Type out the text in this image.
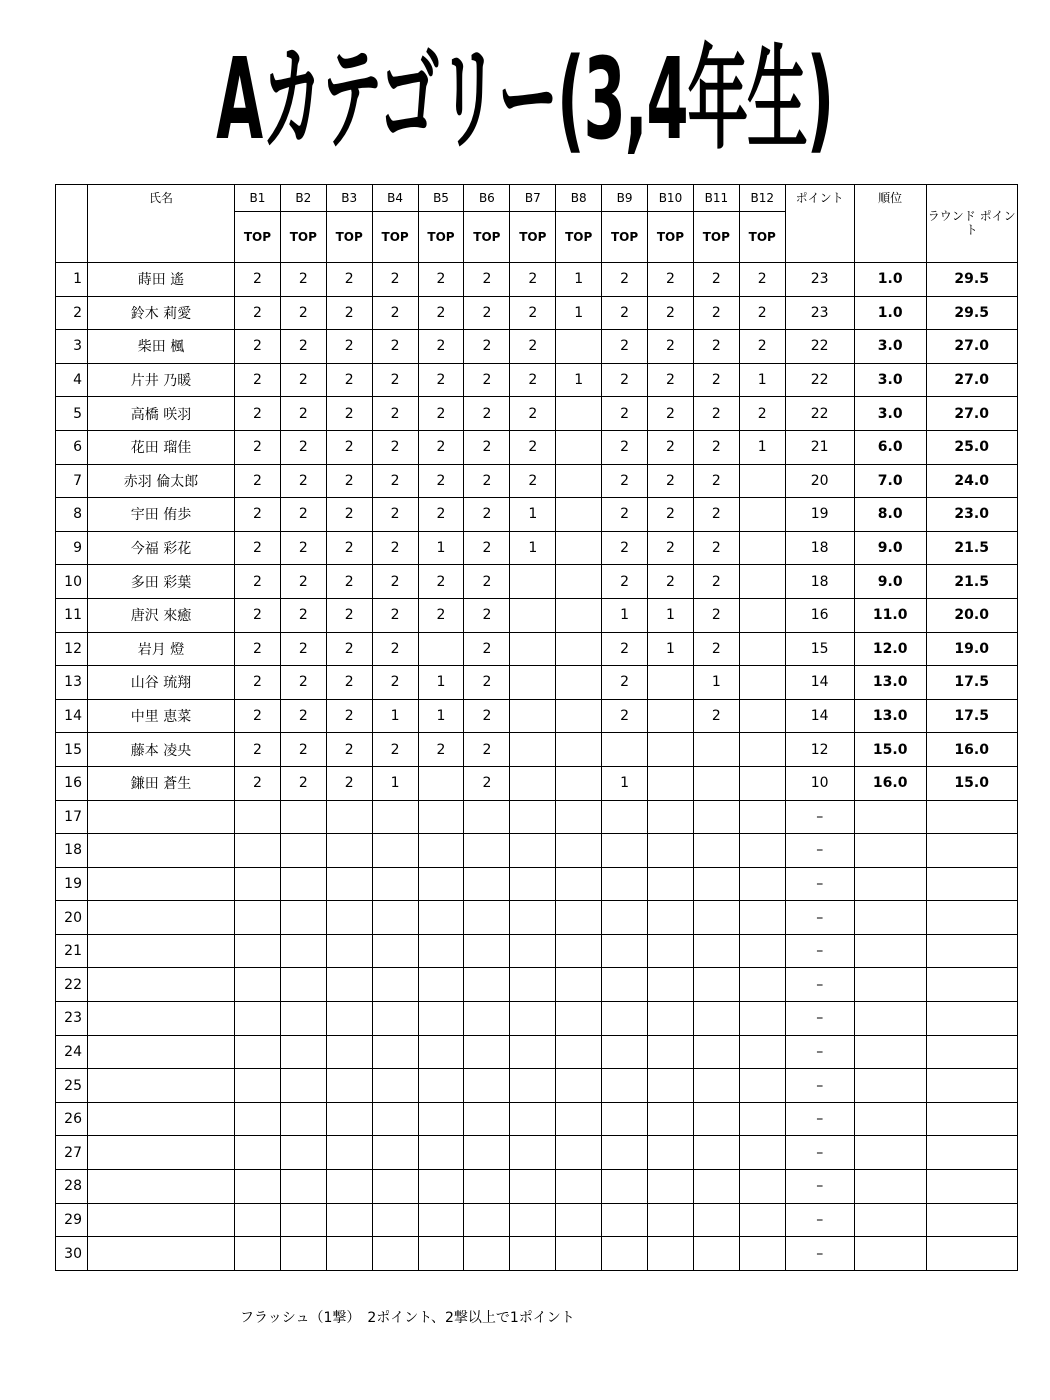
Aカテゴリー(3,4年生)
	氏名	B1	B2	B3	B4	B5	B6	B7	B8	B9	B10	B11	B12	ポイント	順位	ラウンド ポイント
		TOP	TOP	TOP	TOP	TOP	TOP	TOP	TOP	TOP	TOP	TOP	TOP			
1	蒔田 遙	2	2	2	2	2	2	2	1	2	2	2	2	23	1.0	29.5
2	鈴木 莉愛	2	2	2	2	2	2	2	1	2	2	2	2	23	1.0	29.5
3	柴田 楓	2	2	2	2	2	2	2		2	2	2	2	22	3.0	27.0
4	片井 乃暖	2	2	2	2	2	2	2	1	2	2	2	1	22	3.0	27.0
5	高橋 咲羽	2	2	2	2	2	2	2		2	2	2	2	22	3.0	27.0
6	花田 瑠佳	2	2	2	2	2	2	2		2	2	2	1	21	6.0	25.0
7	赤羽 倫太郎	2	2	2	2	2	2	2		2	2	2		20	7.0	24.0
8	宇田 侑歩	2	2	2	2	2	2	1		2	2	2		19	8.0	23.0
9	今福 彩花	2	2	2	2	1	2	1		2	2	2		18	9.0	21.5
10	多田 彩葉	2	2	2	2	2	2			2	2	2		18	9.0	21.5
11	唐沢 來癒	2	2	2	2	2	2			1	1	2		16	11.0	20.0
12	岩月 燈	2	2	2	2		2			2	1	2		15	12.0	19.0
13	山谷 琉翔	2	2	2	2	1	2			2		1		14	13.0	17.5
14	中里 恵菜	2	2	2	1	1	2			2		2		14	13.0	17.5
15	藤本 凌央	2	2	2	2	2	2							12	15.0	16.0
16	鎌田 蒼生	2	2	2	1		2			1				10	16.0	15.0
17														–		
18														–		
19														–		
20														–		
21														–		
22														–		
23														–		
24														–		
25														–		
26														–		
27														–		
28														–		
29														–		
30														–		
フラッシュ（1撃）　2ポイント、2撃以上で1ポイント
